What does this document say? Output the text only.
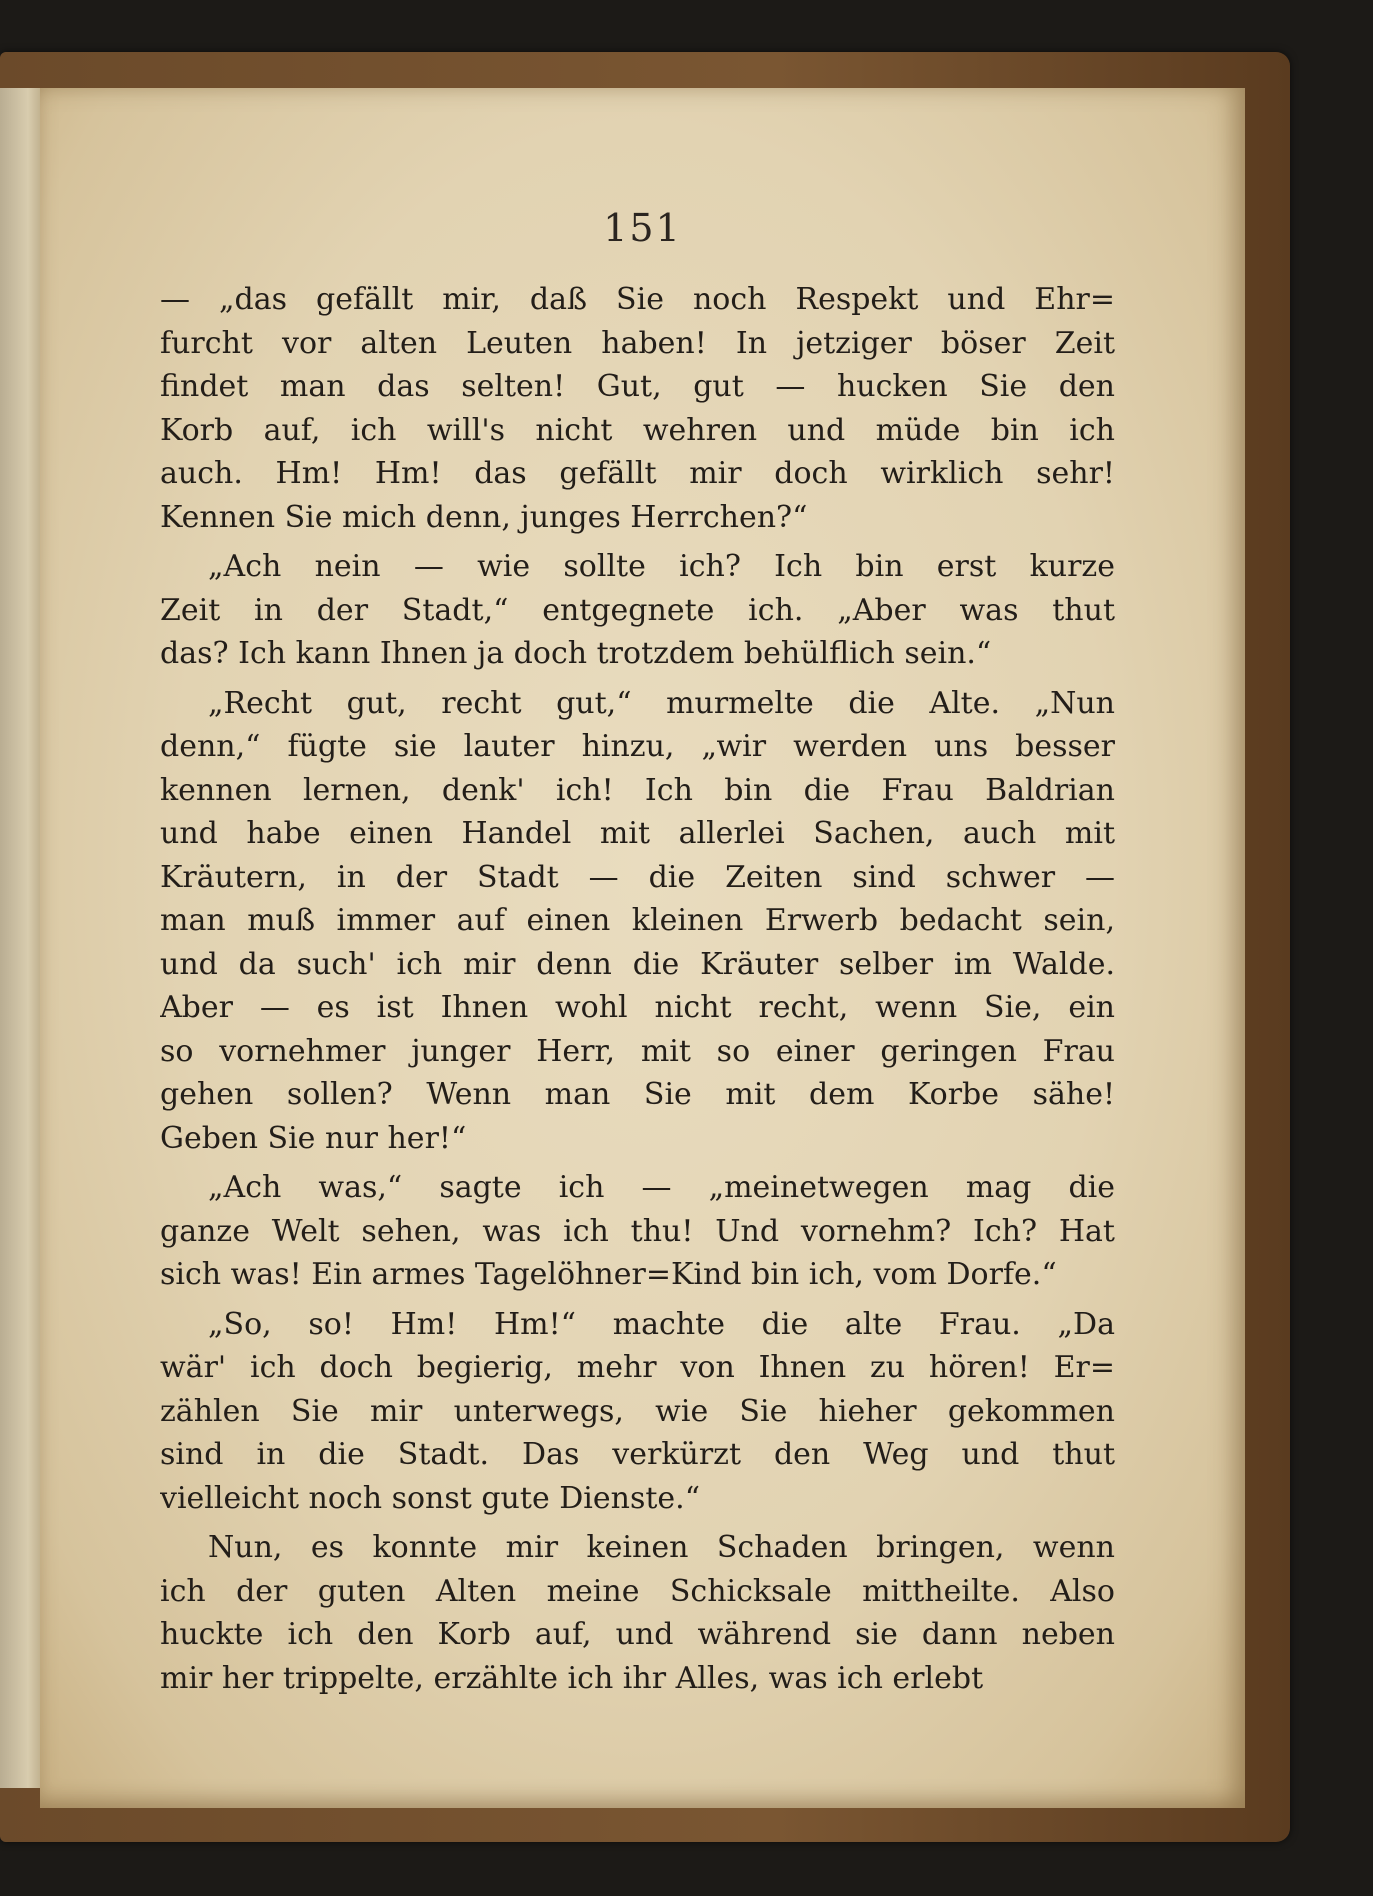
151
— „das gefällt mir, daß Sie noch Respekt und Ehr=
furcht vor alten Leuten haben! In jetziger böser Zeit
findet man das selten! Gut, gut — hucken Sie den
Korb auf, ich will's nicht wehren und müde bin ich
auch. Hm! Hm! das gefällt mir doch wirklich sehr!
Kennen Sie mich denn, junges Herrchen?“
„Ach nein — wie sollte ich? Ich bin erst kurze
Zeit in der Stadt,“ entgegnete ich. „Aber was thut
das? Ich kann Ihnen ja doch trotzdem behülflich sein.“
„Recht gut, recht gut,“ murmelte die Alte. „Nun
denn,“ fügte sie lauter hinzu, „wir werden uns besser
kennen lernen, denk' ich! Ich bin die Frau Baldrian
und habe einen Handel mit allerlei Sachen, auch mit
Kräutern, in der Stadt — die Zeiten sind schwer —
man muß immer auf einen kleinen Erwerb bedacht sein,
und da such' ich mir denn die Kräuter selber im Walde.
Aber — es ist Ihnen wohl nicht recht, wenn Sie, ein
so vornehmer junger Herr, mit so einer geringen Frau
gehen sollen? Wenn man Sie mit dem Korbe sähe!
Geben Sie nur her!“
„Ach was,“ sagte ich — „meinetwegen mag die
ganze Welt sehen, was ich thu! Und vornehm? Ich? Hat
sich was! Ein armes Tagelöhner=Kind bin ich, vom Dorfe.“
„So, so! Hm! Hm!“ machte die alte Frau. „Da
wär' ich doch begierig, mehr von Ihnen zu hören! Er=
zählen Sie mir unterwegs, wie Sie hieher gekommen
sind in die Stadt. Das verkürzt den Weg und thut
vielleicht noch sonst gute Dienste.“
Nun, es konnte mir keinen Schaden bringen, wenn
ich der guten Alten meine Schicksale mittheilte. Also
huckte ich den Korb auf, und während sie dann neben
mir her trippelte, erzählte ich ihr Alles, was ich erlebt
